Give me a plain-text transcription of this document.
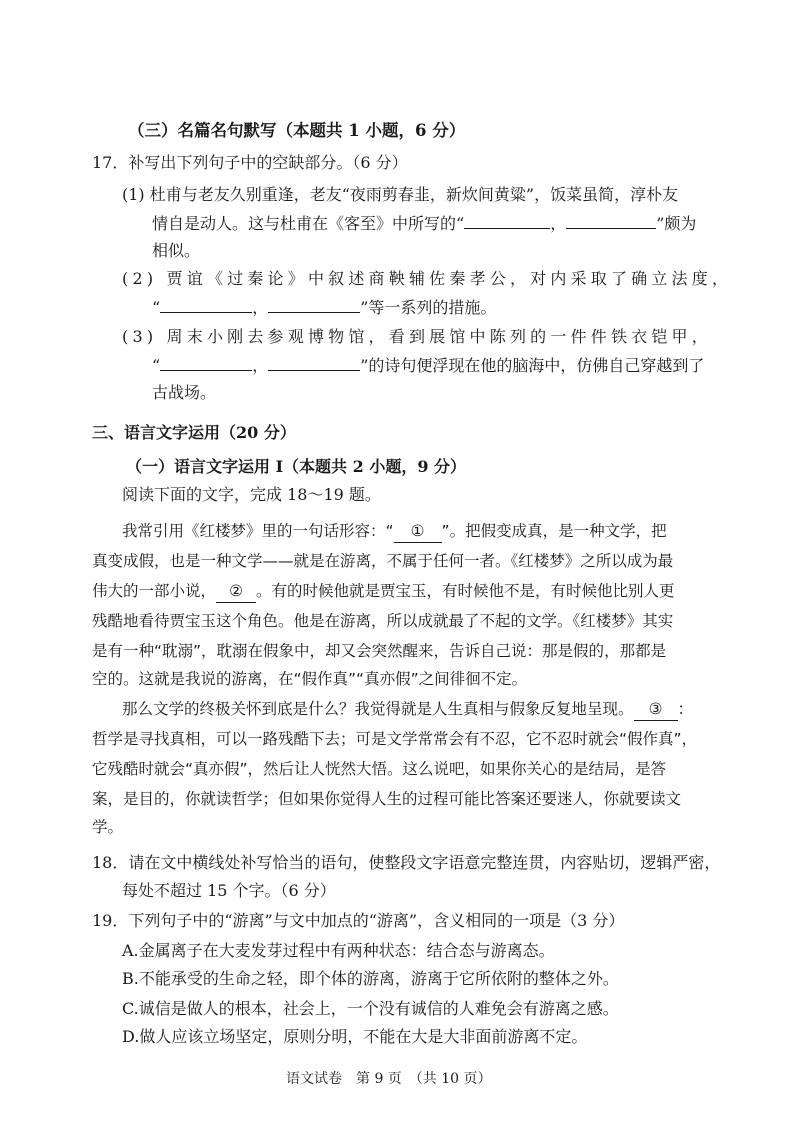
（三）名篇名句默写（本题共 1 小题，6 分）
17．补写出下列句子中的空缺部分。（6 分）
(1) 杜甫与老友久别重逢，老友“夜雨剪春韭，新炊间黄粱”，饭菜虽简，淳朴友
情自是动人。这与杜甫在《客至》中所写的“	，	”颇为
相似。
(2) 贾谊《过秦论》中叙述商鞅辅佐秦孝公，对内采取了确立法度，
“	，	”等一系列的措施。
(3) 周末小刚去参观博物馆，看到展馆中陈列的一件件铁衣铠甲，
“	，	”的诗句便浮现在他的脑海中，仿佛自己穿越到了
古战场。
三、语言文字运用（20 分）
（一）语言文字运用 I（本题共 2 小题，9 分）
阅读下面的文字，完成 18～19 题。
我常引用《红楼梦》里的一句话形容：“ ① ”。把假变成真，是一种文学，把
真变成假，也是一种文学——就是在游离，不属于任何一者。《红楼梦》之所以成为最
伟大的一部小说， ② 。有的时候他就是贾宝玉，有时候他不是，有时候他比别人更
残酷地看待贾宝玉这个角色。他是在游离，所以成就最了不起的文学。《红楼梦》其实
是有一种“耽溺”，耽溺在假象中，却又会突然醒来，告诉自己说：那是假的，那都是
空的。这就是我说的游离，在“假作真”“真亦假”之间徘徊不定。
那么文学的终极关怀到底是什么？我觉得就是人生真相与假象反复地呈现。 ③ ：
哲学是寻找真相，可以一路残酷下去；可是文学常常会有不忍，它不忍时就会“假作真”，
它残酷时就会“真亦假”，然后让人恍然大悟。这么说吧，如果你关心的是结局，是答
案，是目的，你就读哲学；但如果你觉得人生的过程可能比答案还要迷人，你就要读文
学。
18．请在文中横线处补写恰当的语句，使整段文字语意完整连贯，内容贴切，逻辑严密，
每处不超过 15 个字。（6 分）
19．下列句子中的“游离”与文中加点的“游离”，含义相同的一项是（3 分）
A.金属离子在大麦发芽过程中有两种状态：结合态与游离态。
B.不能承受的生命之轻，即个体的游离，游离于它所依附的整体之外。
C.诚信是做人的根本，社会上，一个没有诚信的人难免会有游离之感。
D.做人应该立场坚定，原则分明，不能在大是大非面前游离不定。
语文试卷　第 9 页　（共 10 页）
